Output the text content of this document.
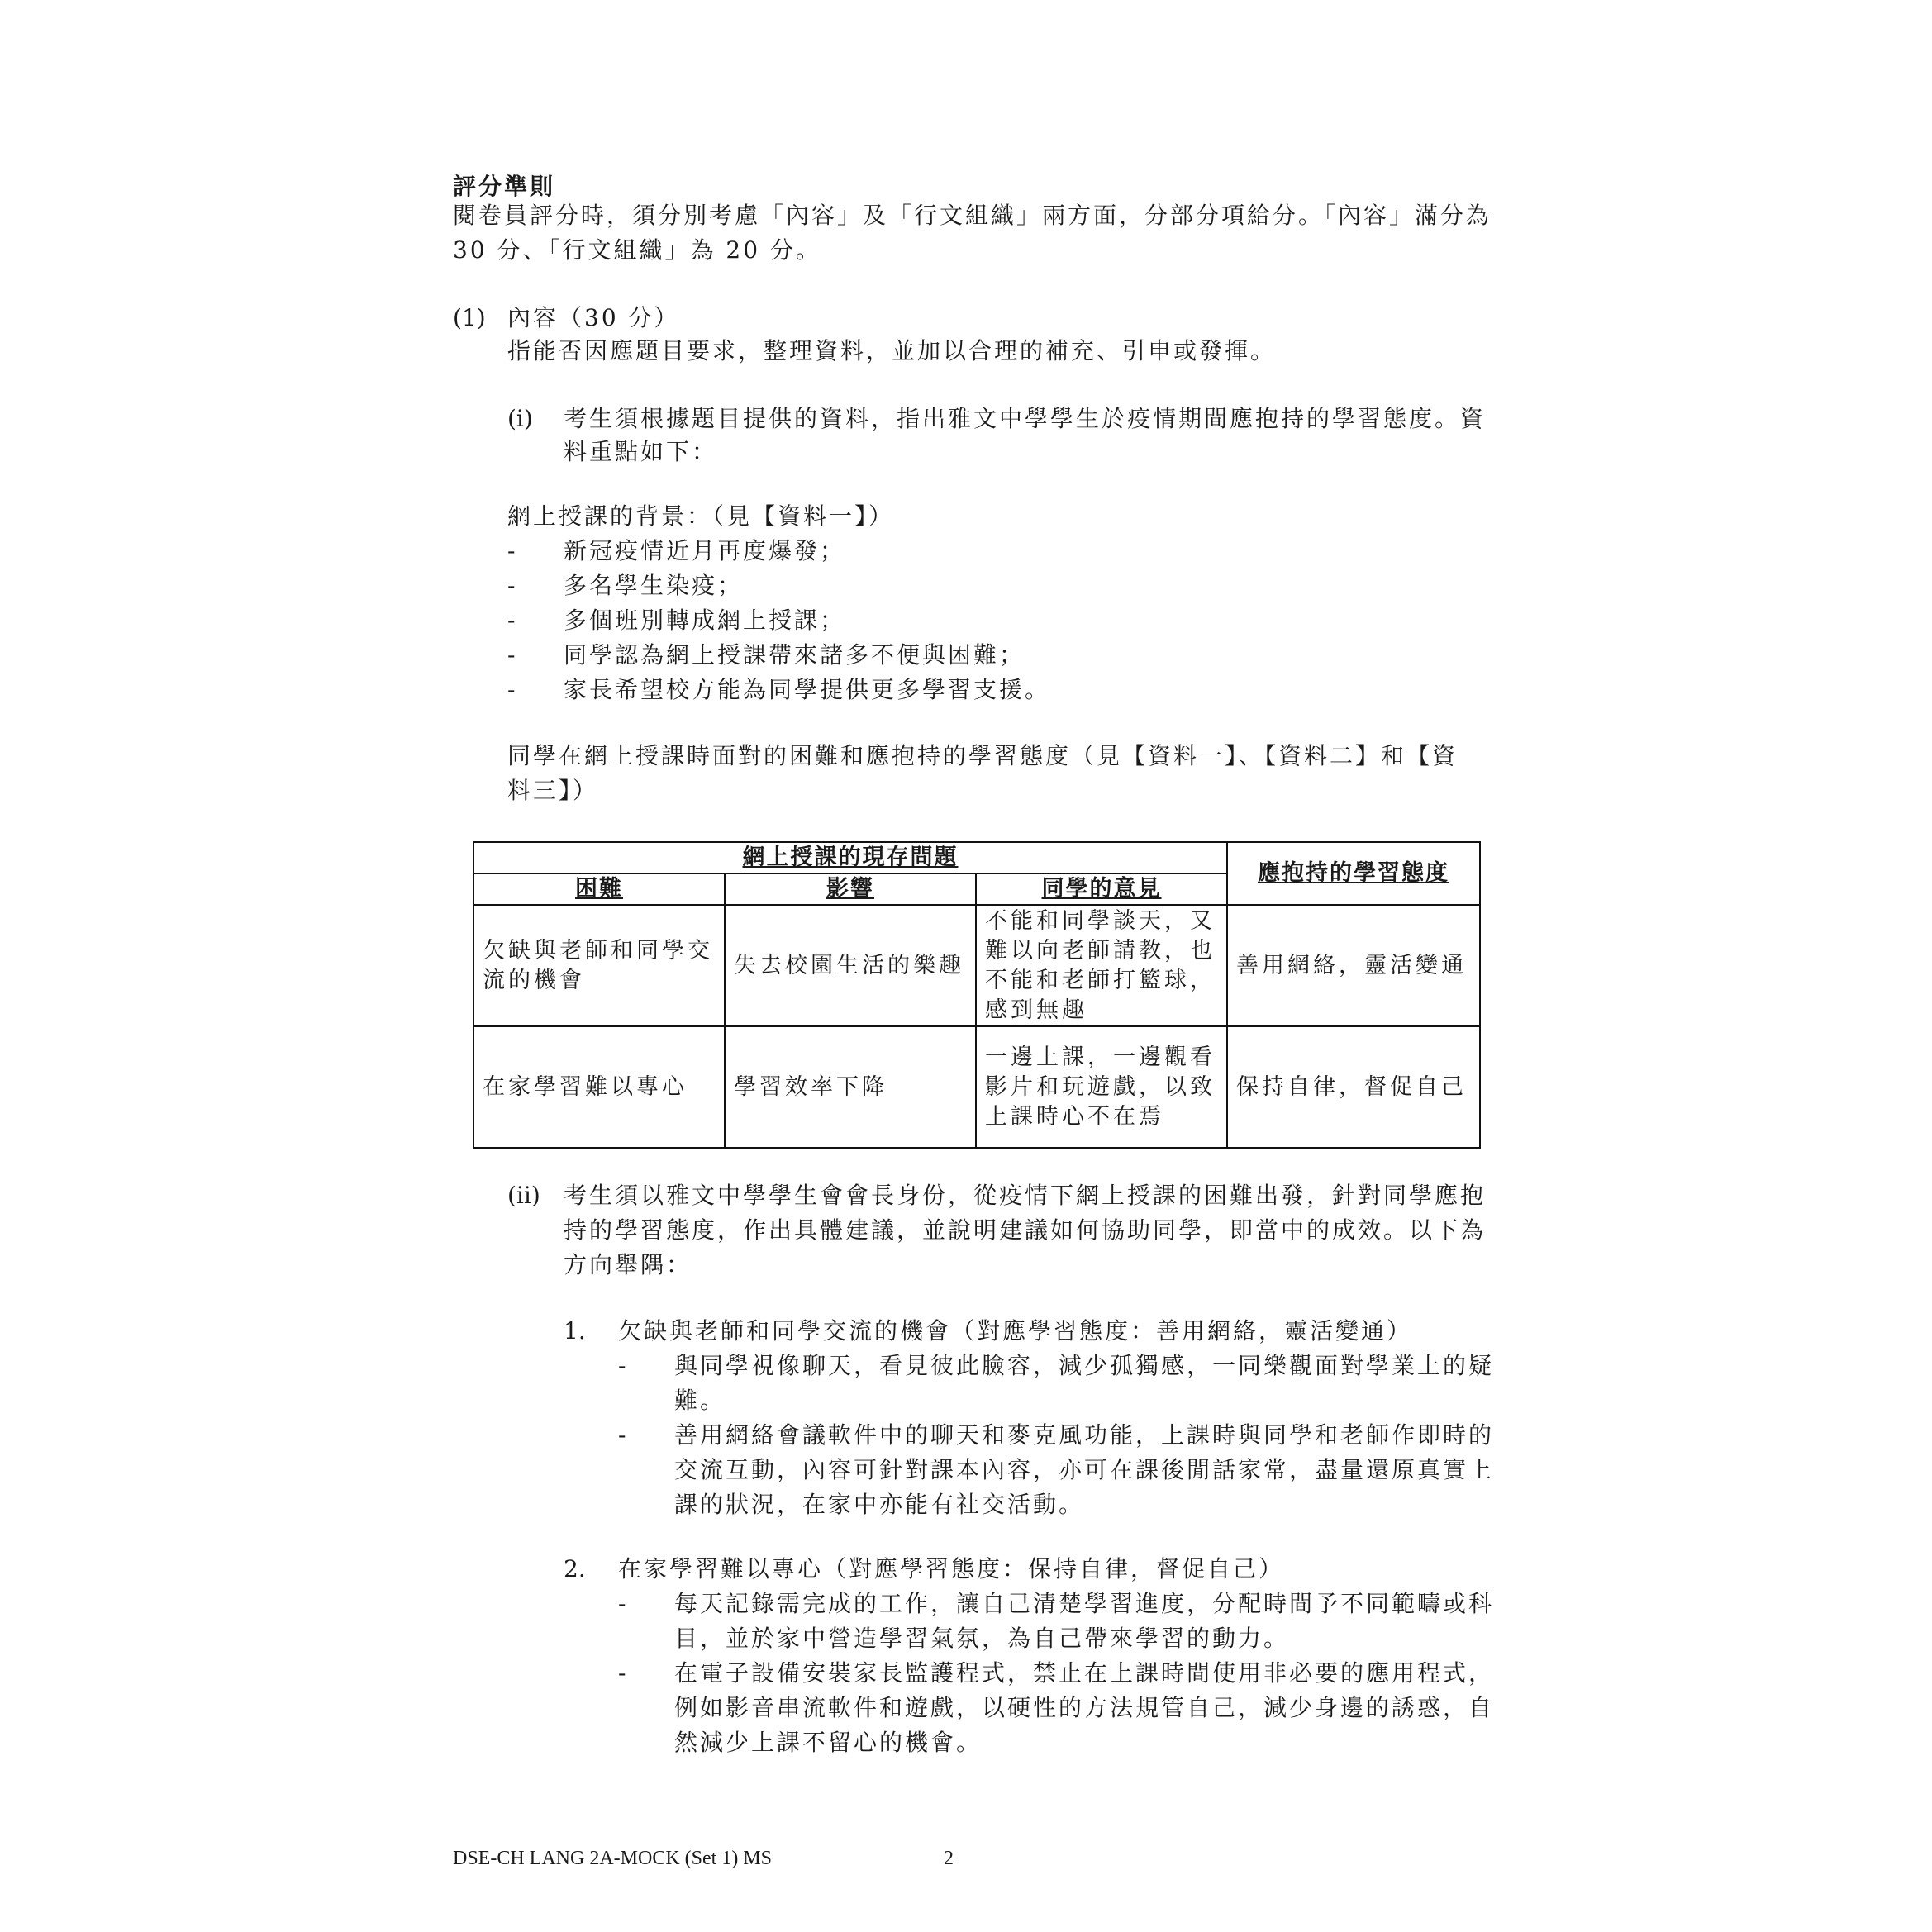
評分準則
閱卷員評分時，須分別考慮「內容」及「行文組織」兩方面，分部分項給分。「內容」滿分為
30 分、「行文組織」為 20 分。
(1) 內容（30 分）
指能否因應題目要求，整理資料，並加以合理的補充、引申或發揮。
(i) 考生須根據題目提供的資料，指出雅文中學學生於疫情期間應抱持的學習態度。資
料重點如下：
網上授課的背景：（見【資料一】）
- 新冠疫情近月再度爆發；
- 多名學生染疫；
- 多個班別轉成網上授課；
- 同學認為網上授課帶來諸多不便與困難；
- 家長希望校方能為同學提供更多學習支援。
同學在網上授課時面對的困難和應抱持的學習態度（見【資料一】、【資料二】和【資
料三】）
網上授課的現存問題			應抱持的學習態度
困難	影響	同學的意見	
欠缺與老師和同學交流的機會	失去校園生活的樂趣	不能和同學談天，又難以向老師請教，也不能和老師打籃球，感到無趣	善用網絡，靈活變通
在家學習難以專心	學習效率下降	一邊上課，一邊觀看影片和玩遊戲，以致上課時心不在焉	保持自律，督促自己
(ii) 考生須以雅文中學學生會會長身份，從疫情下網上授課的困難出發，針對同學應抱
持的學習態度，作出具體建議，並說明建議如何協助同學，即當中的成效。以下為
方向舉隅：
1. 欠缺與老師和同學交流的機會（對應學習態度：善用網絡，靈活變通）
- 與同學視像聊天，看見彼此臉容，減少孤獨感，一同樂觀面對學業上的疑
難。
- 善用網絡會議軟件中的聊天和麥克風功能，上課時與同學和老師作即時的
交流互動，內容可針對課本內容，亦可在課後閒話家常，盡量還原真實上
課的狀況，在家中亦能有社交活動。
2. 在家學習難以專心（對應學習態度：保持自律，督促自己）
- 每天記錄需完成的工作，讓自己清楚學習進度，分配時間予不同範疇或科
目，並於家中營造學習氣氛，為自己帶來學習的動力。
- 在電子設備安裝家長監護程式，禁止在上課時間使用非必要的應用程式，
例如影音串流軟件和遊戲，以硬性的方法規管自己，減少身邊的誘惑，自
然減少上課不留心的機會。
DSE-CH LANG 2A-MOCK (Set 1) MS	2
